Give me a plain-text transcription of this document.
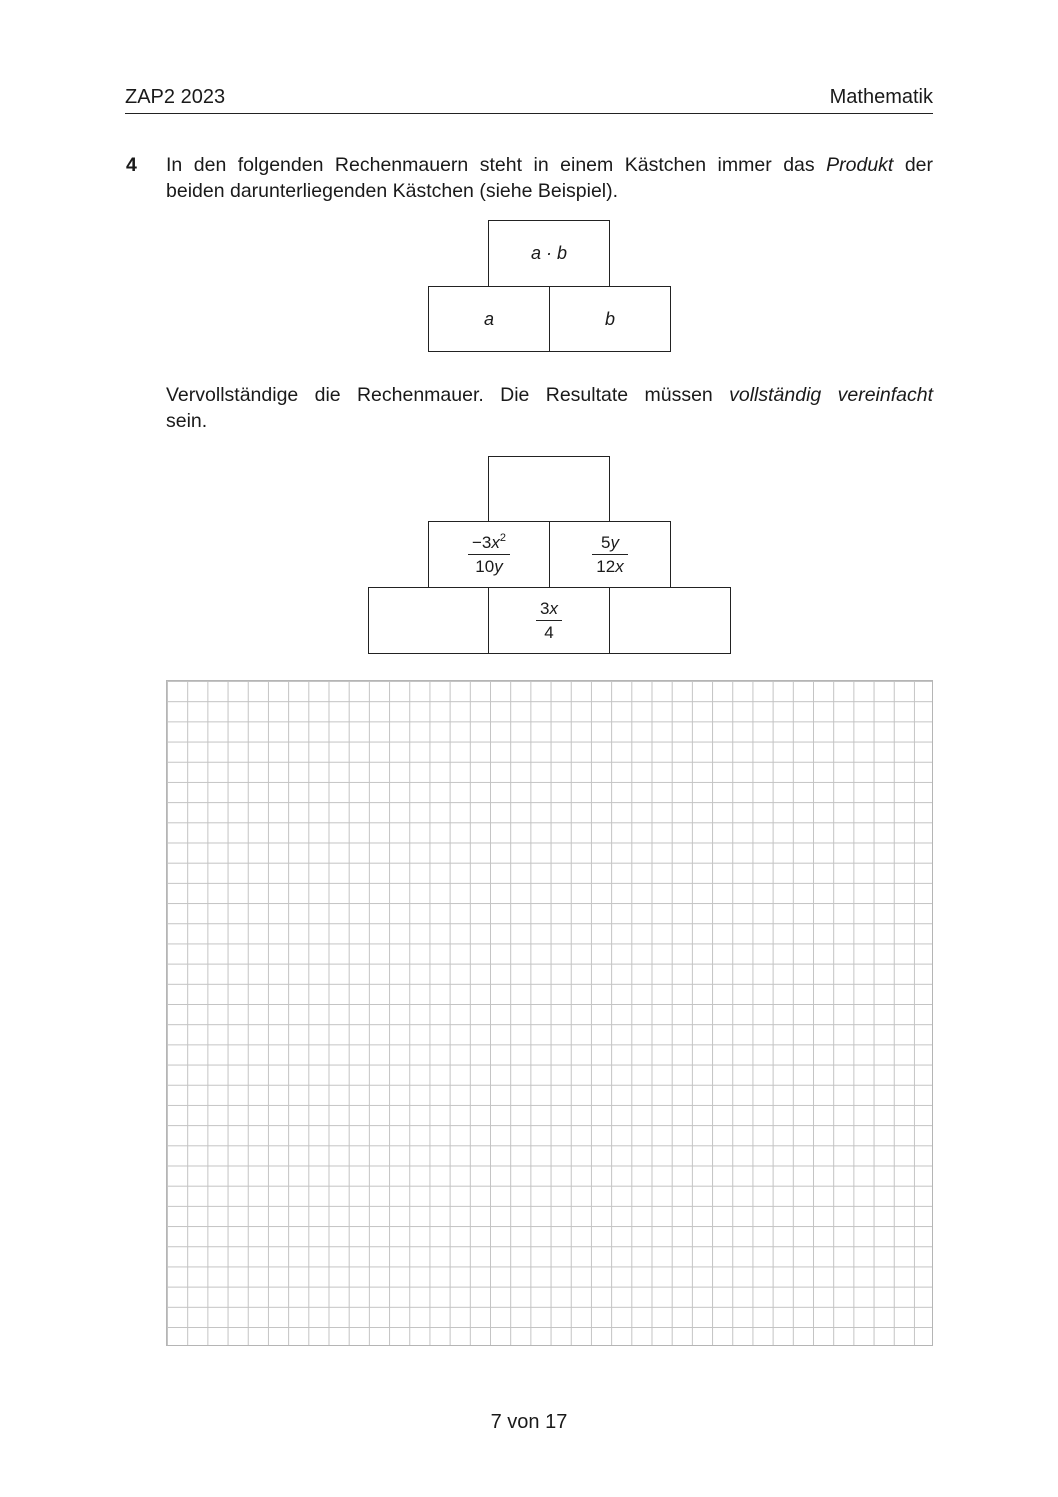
ZAP2 2023	Mathematik
4 In den folgenden Rechenmauern steht in einem Kästchen immer das Produkt der
beiden darunterliegenden Kästchen (siehe Beispiel).
a · b
a	b
Vervollständige die Rechenmauer. Die Resultate müssen vollständig vereinfacht
sein.
$\frac{-3x^2}{10y}$	$\frac{5y}{12x}$
$\frac{3x}{4}$
7 von 17
